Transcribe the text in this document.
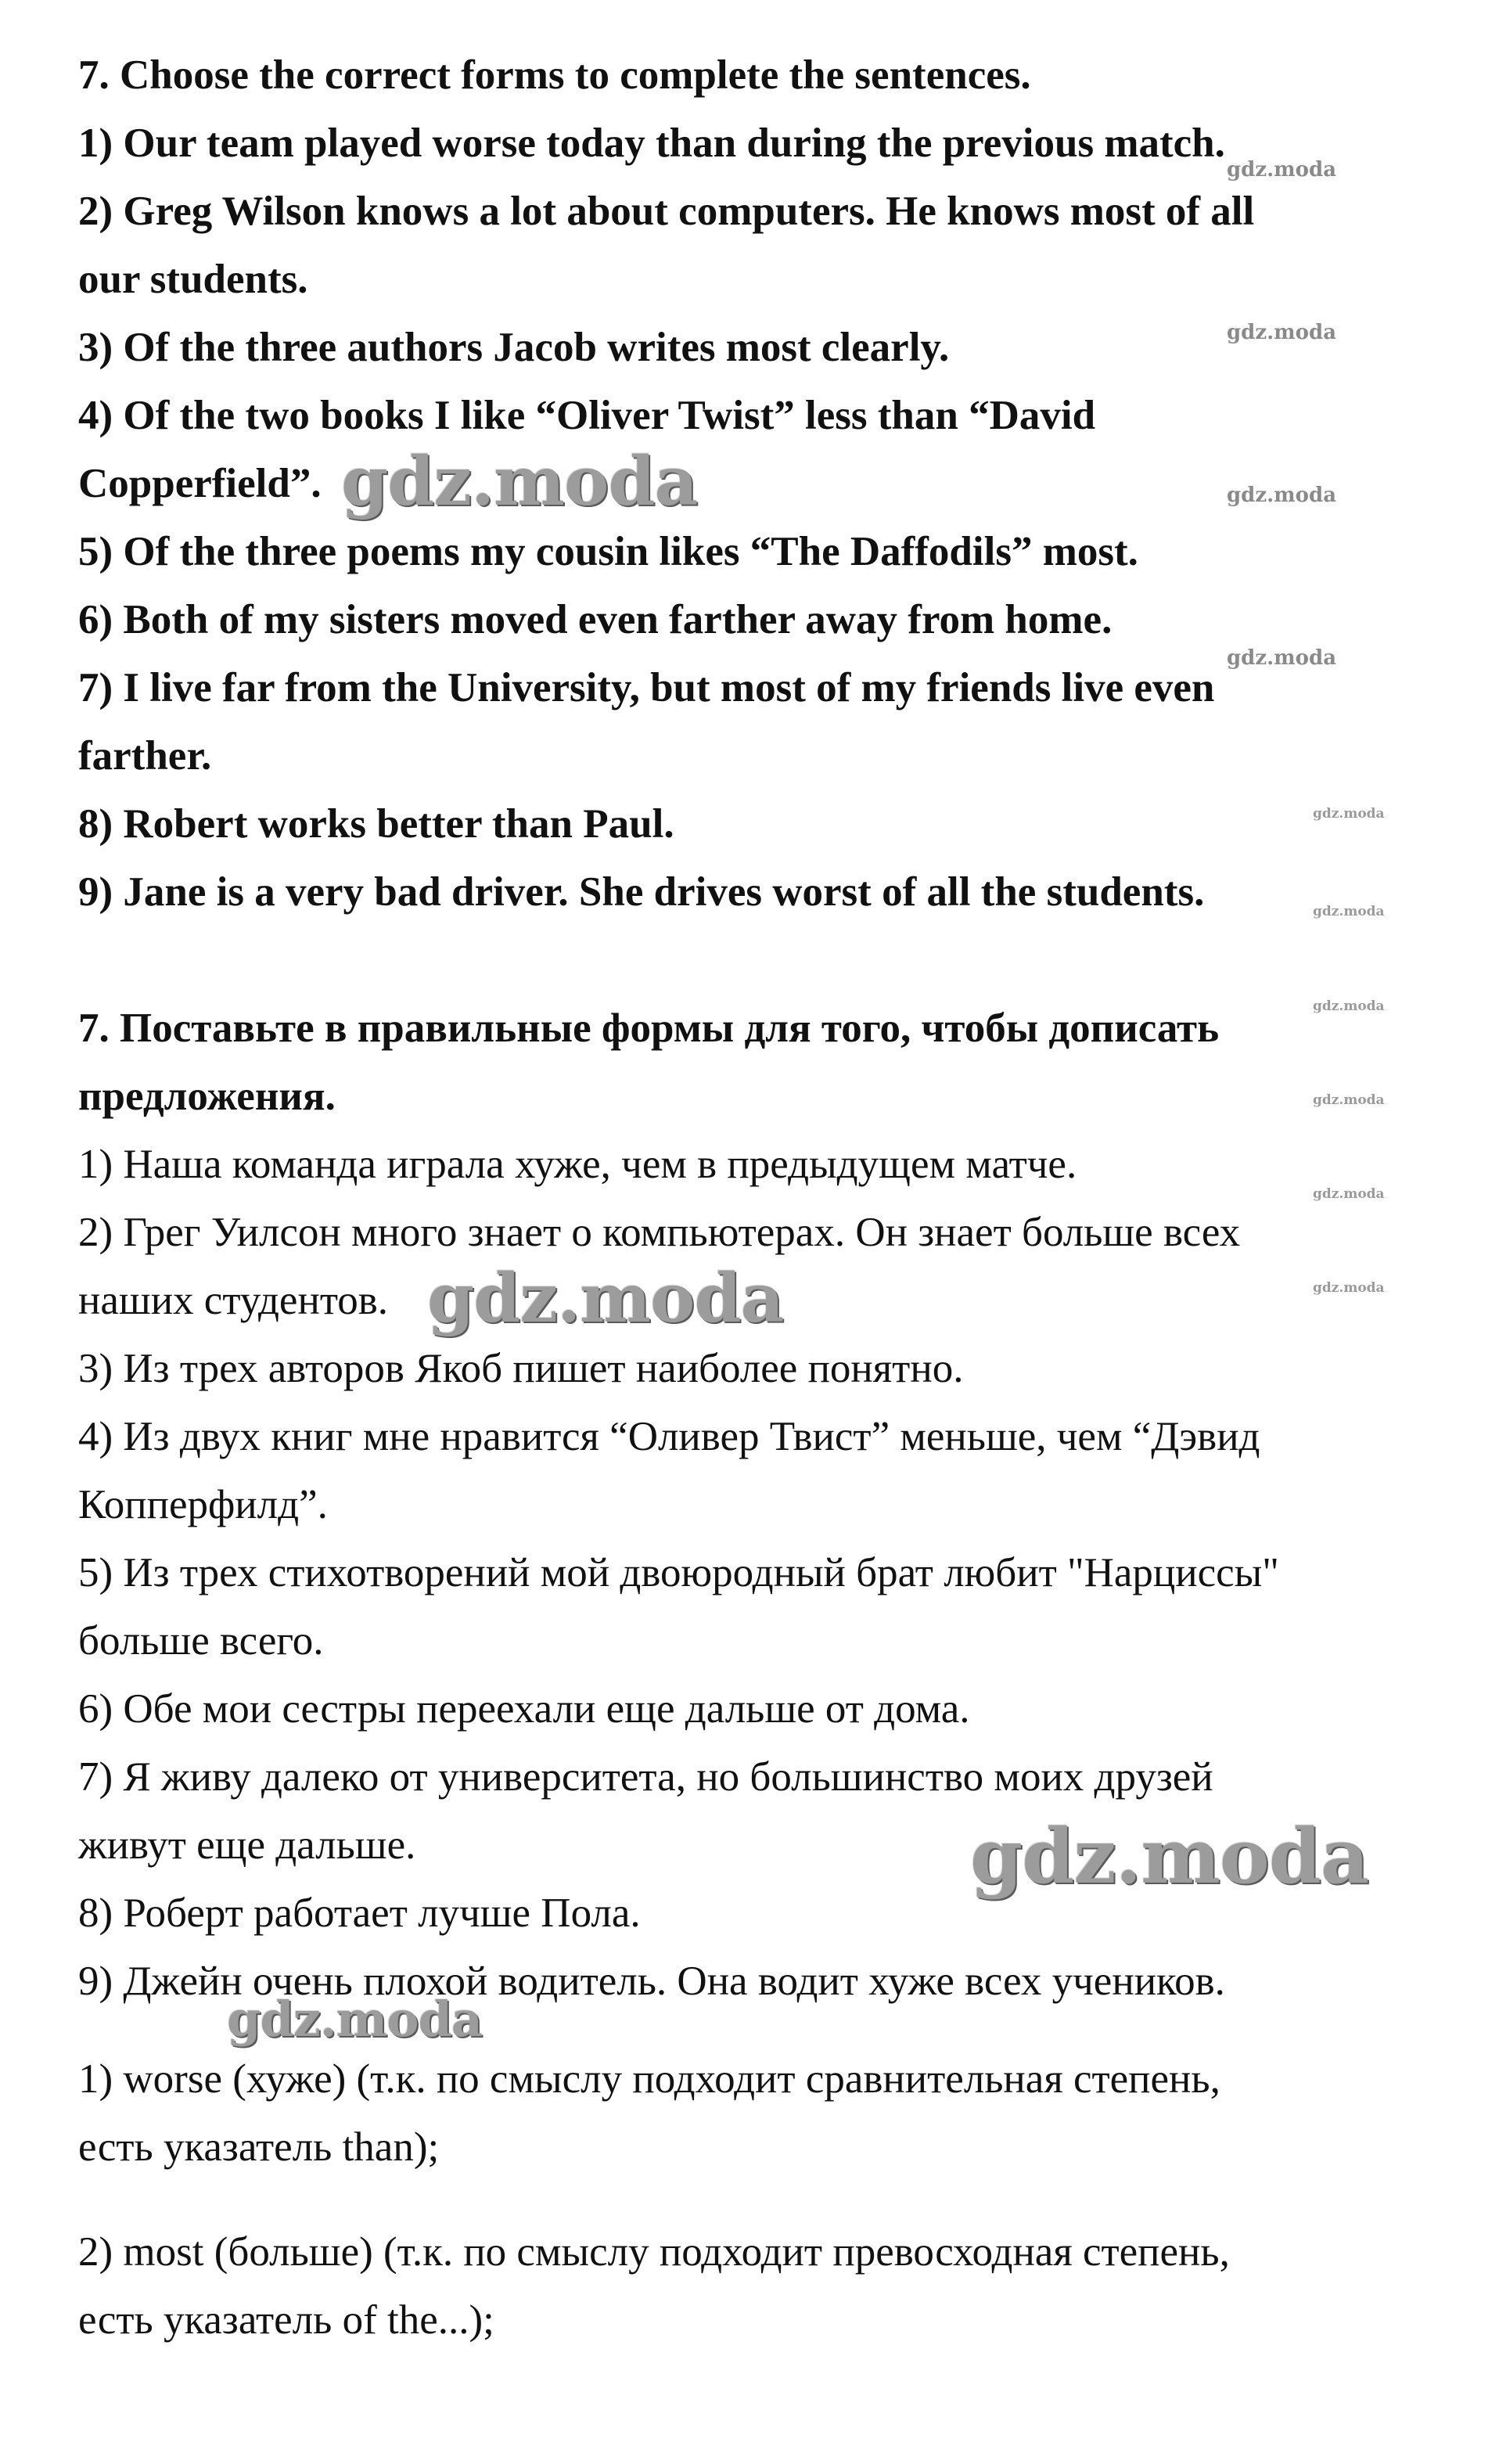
7. Choose the correct forms to complete the sentences.
1) Our team played worse today than during the previous match.
2) Greg Wilson knows a lot about computers. He knows most of all
our students.
3) Of the three authors Jacob writes most clearly.
4) Of the two books I like “Oliver Twist” less than “David
Copperfield”.
5) Of the three poems my cousin likes “The Daffodils” most.
6) Both of my sisters moved even farther away from home.
7) I live far from the University, but most of my friends live even
farther.
8) Robert works better than Paul.
9) Jane is a very bad driver. She drives worst of all the students.
7. Поставьте в правильные формы для того, чтобы дописать
предложения.
1) Наша команда играла хуже, чем в предыдущем матче.
2) Грег Уилсон много знает о компьютерах. Он знает больше всех
наших студентов.
3) Из трех авторов Якоб пишет наиболее понятно.
4) Из двух книг мне нравится “Оливер Твист” меньше, чем “Дэвид
Копперфилд”.
5) Из трех стихотворений мой двоюродный брат любит "Нарциссы"
больше всего.
6) Обе мои сестры переехали еще дальше от дома.
7) Я живу далеко от университета, но большинство моих друзей
живут еще дальше.
8) Роберт работает лучше Пола.
9) Джейн очень плохой водитель. Она водит хуже всех учеников.
1) worse (хуже) (т.к. по смыслу подходит сравнительная степень,
есть указатель than);
2) most (больше) (т.к. по смыслу подходит превосходная степень,
есть указатель of the...);
gdz.moda
gdz.moda
gdz.moda
gdz.moda
gdz.moda
gdz.moda
gdz.moda
gdz.moda
gdz.moda
gdz.moda
gdz.moda
gdz.moda
gdz.moda
gdz.moda
